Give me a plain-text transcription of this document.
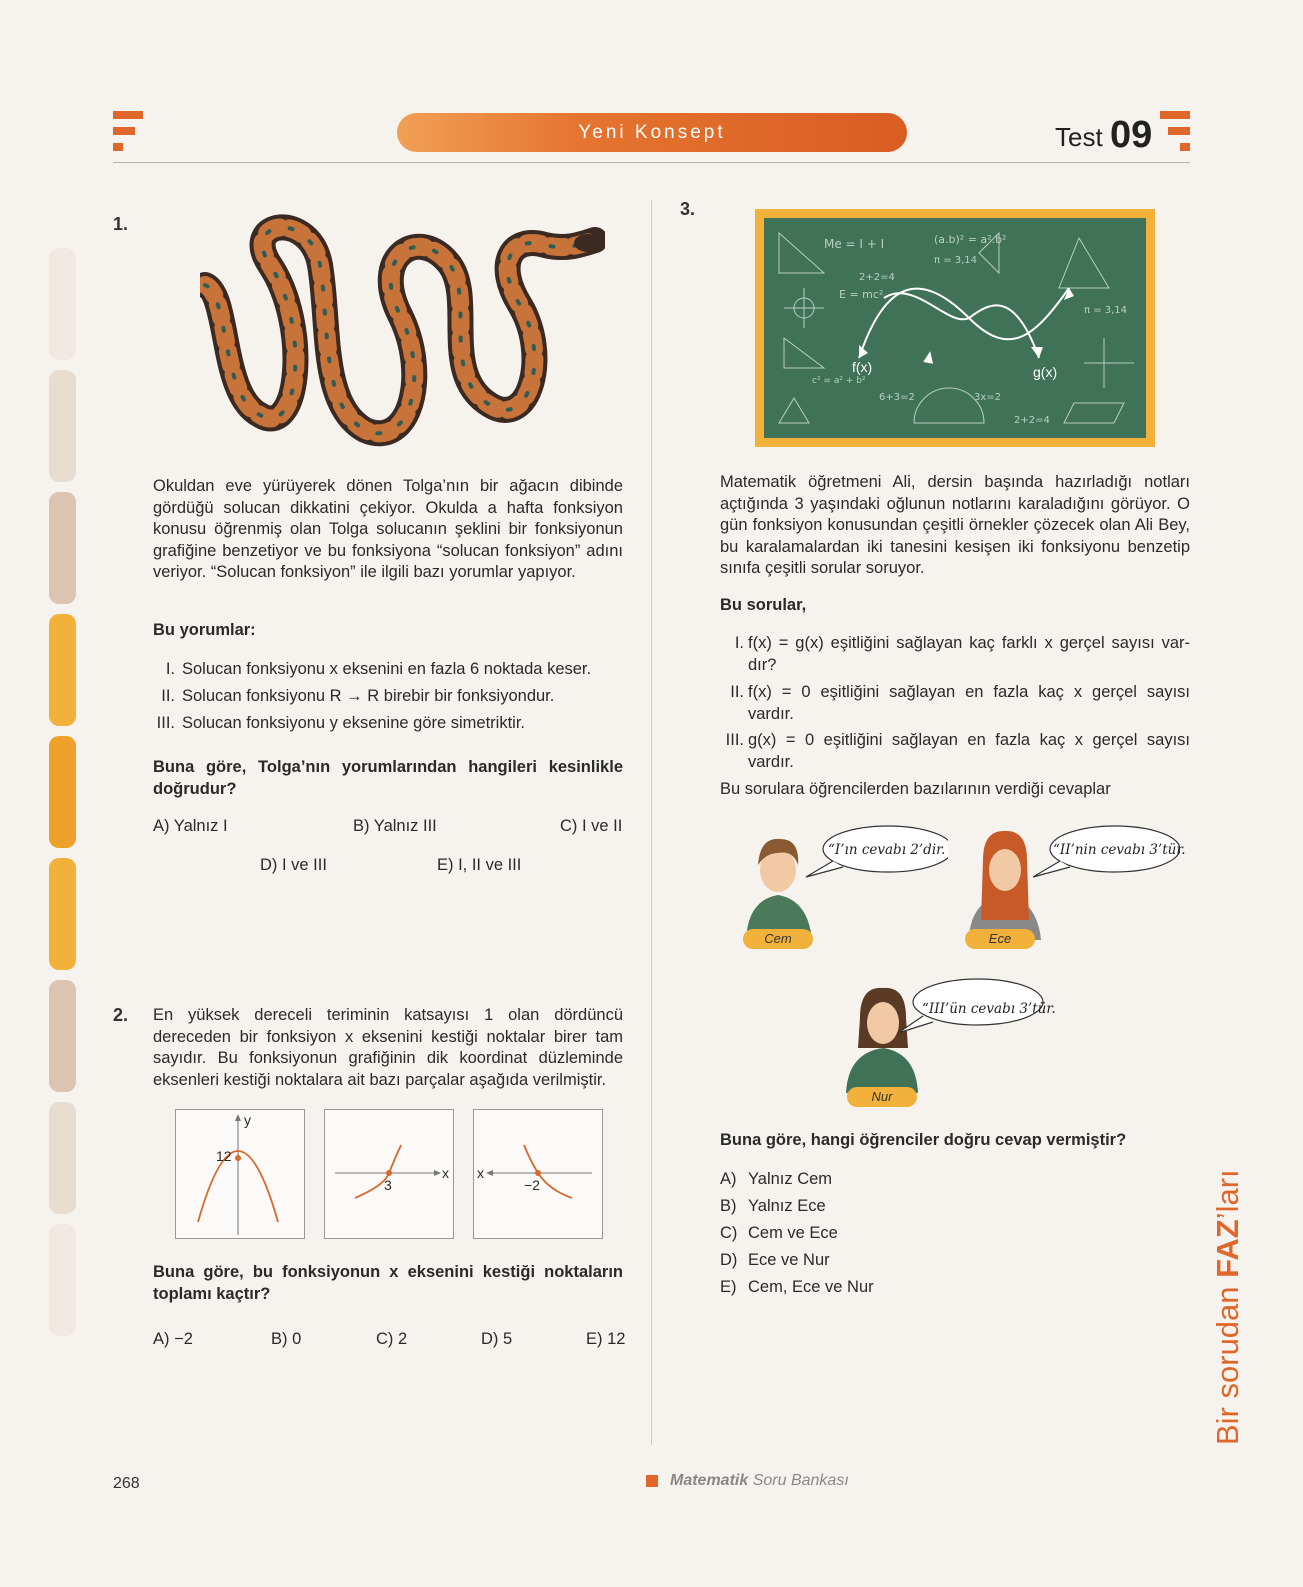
Yeni Konsept	Test 09
1.
Okuldan eve yürüyerek dönen Tolga’nın bir ağacın dibinde gördüğü solucan dikkatini çekiyor. Okulda a hafta fonksiyon konusu öğrenmiş olan Tolga solucanın şeklini bir fonksiyonun grafiğine benzetiyor ve bu fonksiyona “solucan fonksiyon” adını veriyor. “Solucan fonksiyon” ile ilgili bazı yorumlar yapıyor.
Bu yorumlar:
I. Solucan fonksiyonu x eksenini en fazla 6 noktada keser.
II. Solucan fonksiyonu R → R birebir bir fonksiyondur.
III. Solucan fonksiyonu y eksenine göre simetriktir.
Buna göre, Tolga’nın yorumlarından hangileri kesinlikle doğrudur?
A) Yalnız I	B) Yalnız III	C) I ve II
D) I ve III	E) I, II ve III
2. En yüksek dereceli teriminin katsayısı 1 olan dördüncü dereceden bir fonksiyon x eksenini kestiği noktalar birer tam sayıdır. Bu fonksiyonun grafiğinin dik koordinat düzleminde eksenleri kestiği noktalara ait bazı parçalar aşağıda verilmiştir.
y
12
x
3
x
−2
Buna göre, bu fonksiyonun x eksenini kestiği noktaların toplamı kaçtır?
A) −2	B) 0	C) 2	D) 5	E) 12
3.
Me = I + I	(a.b)² = a².b²
π = 3,14
2+2=4
E = mc²
π = 3,14
6+3=2	3x=2
2+2=4
c² = a² + b²
f(x)	g(x)
Matematik öğretmeni Ali, dersin başında hazırladığı notları açtığında 3 yaşındaki oğlunun notlarını karaladığını görüyor. O gün fonksiyon konusundan çeşitli örnekler çözecek olan Ali Bey, bu karalamalardan iki tanesini kesişen iki fonksiyonu benzetip sınıfa çeşitli sorular soruyor.
Bu sorular,
I. f(x) = g(x) eşitliğini sağlayan kaç farklı x gerçel sayısı var-
dır?
II. f(x) = 0 eşitliğini sağlayan en fazla kaç x gerçel sayısı
vardır.
III. g(x) = 0 eşitliğini sağlayan en fazla kaç x gerçel sayısı
vardır.
Bu sorulara öğrencilerden bazılarının verdiği cevaplar
“I’ın cevabı 2’dir.
Cem
“II’nin cevabı 3’tür.
Ece
“III’ün cevabı 3’tür.
Nur
Buna göre, hangi öğrenciler doğru cevap vermiştir?
A) Yalnız Cem
B) Yalnız Ece
C) Cem ve Ece
D) Ece ve Nur
E) Cem, Ece ve Nur	Bir sorudan FAZ’ları
268	Matematik Soru Bankası
